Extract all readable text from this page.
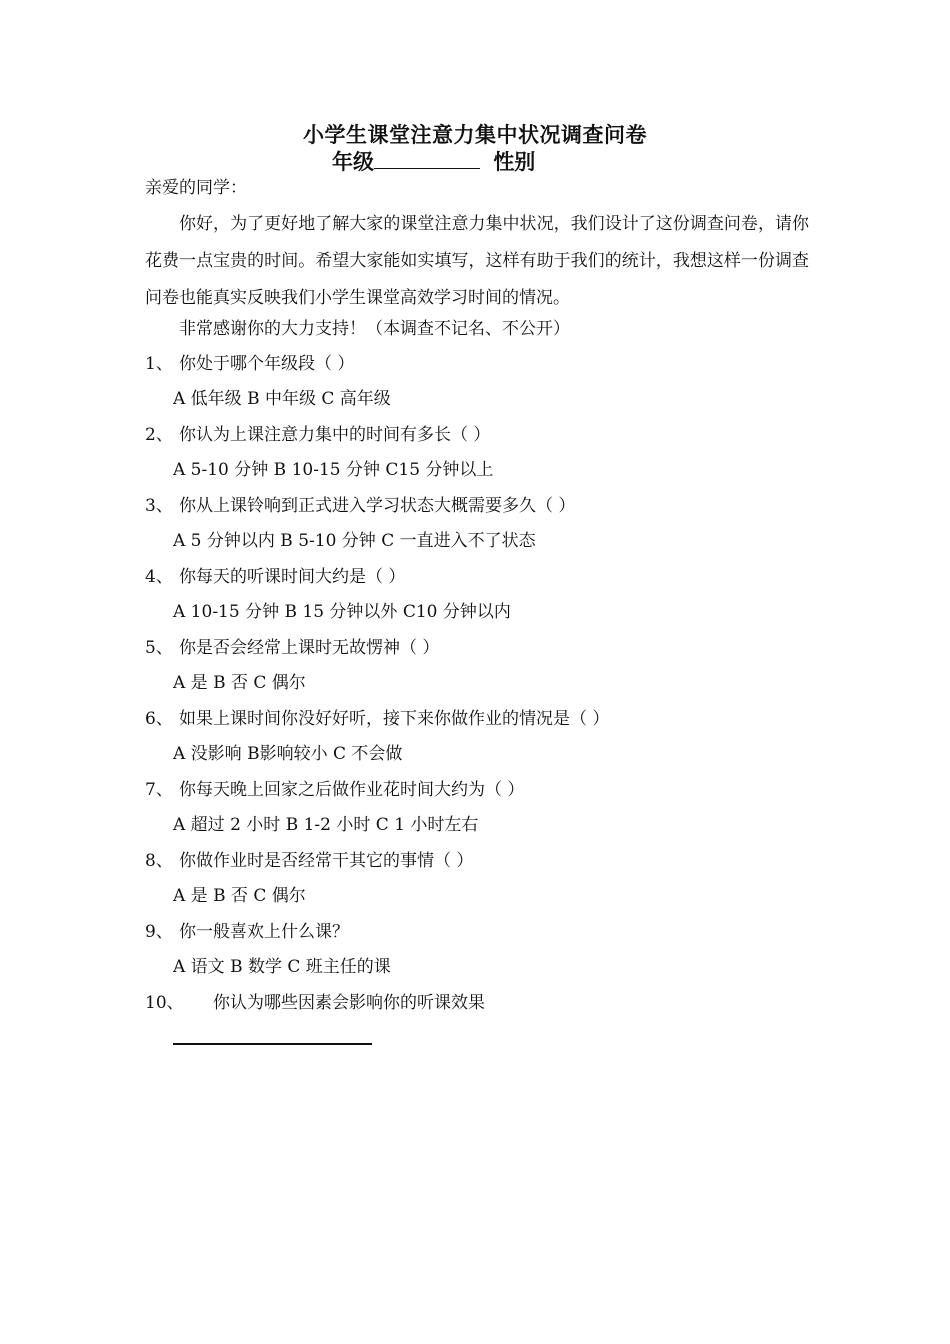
小学生课堂注意力集中状况调查问卷
年级	性别
亲爱的同学：
你好，为了更好地了解大家的课堂注意力集中状况，我们设计了这份调查问卷，请你花费一点宝贵的时间。希望大家能如实填写，这样有助于我们的统计，我想这样一份调查问卷也能真实反映我们小学生课堂高效学习时间的情况。
非常感谢你的大力支持！（本调查不记名、不公开）
1、 你处于哪个年级段（ ）
A 低年级 B 中年级 C 高年级
2、 你认为上课注意力集中的时间有多长（ ）
A 5-10 分钟 B 10-15 分钟 C15 分钟以上
3、 你从上课铃响到正式进入学习状态大概需要多久（ ）
A 5 分钟以内 B 5-10 分钟 C 一直进入不了状态
4、 你每天的听课时间大约是（ ）
A 10-15 分钟 B 15 分钟以外 C10 分钟以内
5、 你是否会经常上课时无故愣神（ ）
A 是 B 否 C 偶尔
6、 如果上课时间你没好好听，接下来你做作业的情况是（ ）
A 没影响 B影响较小 C 不会做
7、 你每天晚上回家之后做作业花时间大约为（ ）
A 超过 2 小时 B 1-2 小时 C 1 小时左右
8、 你做作业时是否经常干其它的事情（ ）
A 是 B 否 C 偶尔
9、 你一般喜欢上什么课？
A 语文 B 数学 C 班主任的课
10、 你认为哪些因素会影响你的听课效果
